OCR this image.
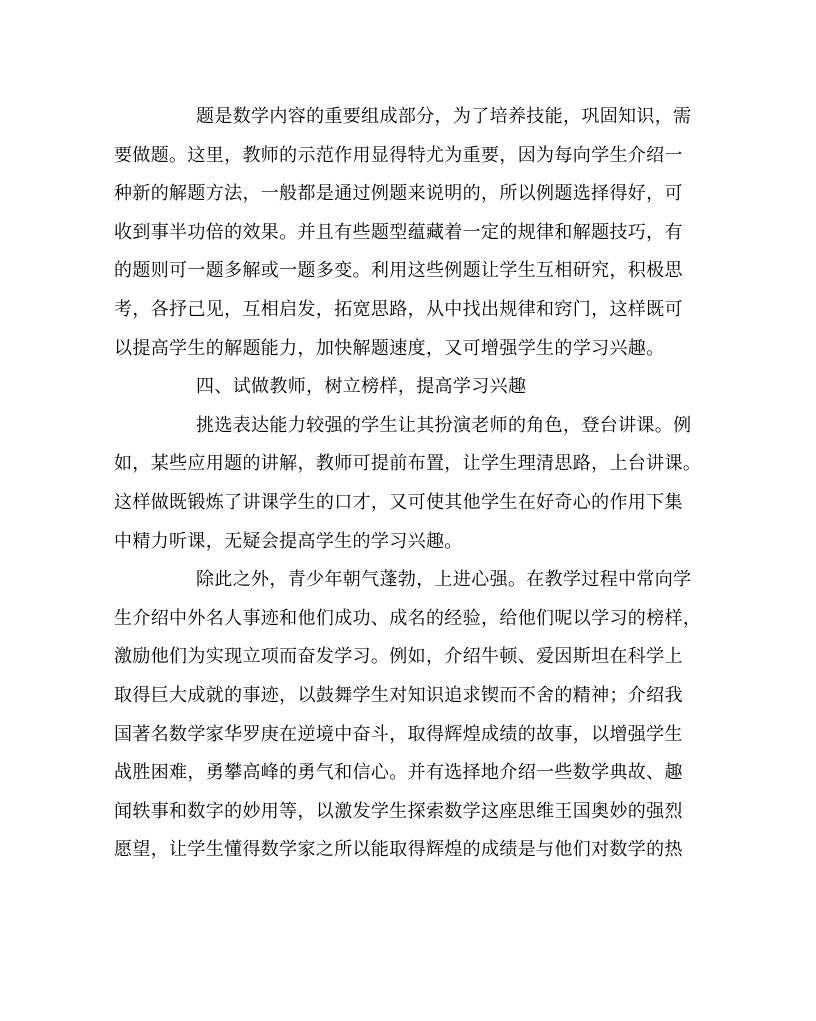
题是数学内容的重要组成部分，为了培养技能，巩固知识，需
要做题。这里，教师的示范作用显得特尤为重要，因为每向学生介绍一
种新的解题方法，一般都是通过例题来说明的，所以例题选择得好，可
收到事半功倍的效果。并且有些题型蕴藏着一定的规律和解题技巧，有
的题则可一题多解或一题多变。利用这些例题让学生互相研究，积极思
考，各抒己见，互相启发，拓宽思路，从中找出规律和窍门，这样既可
以提高学生的解题能力，加快解题速度，又可增强学生的学习兴趣。
四、试做教师，树立榜样，提高学习兴趣
挑选表达能力较强的学生让其扮演老师的角色，登台讲课。例
如，某些应用题的讲解，教师可提前布置，让学生理清思路，上台讲课。
这样做既锻炼了讲课学生的口才，又可使其他学生在好奇心的作用下集
中精力听课，无疑会提高学生的学习兴趣。
除此之外，青少年朝气蓬勃，上进心强。在教学过程中常向学
生介绍中外名人事迹和他们成功、成名的经验，给他们呢以学习的榜样，
激励他们为实现立项而奋发学习。例如，介绍牛顿、爱因斯坦在科学上
取得巨大成就的事迹，以鼓舞学生对知识追求锲而不舍的精神；介绍我
国著名数学家华罗庚在逆境中奋斗，取得辉煌成绩的故事，以增强学生
战胜困难，勇攀高峰的勇气和信心。并有选择地介绍一些数学典故、趣
闻轶事和数字的妙用等，以激发学生探索数学这座思维王国奥妙的强烈
愿望，让学生懂得数学家之所以能取得辉煌的成绩是与他们对数学的热
